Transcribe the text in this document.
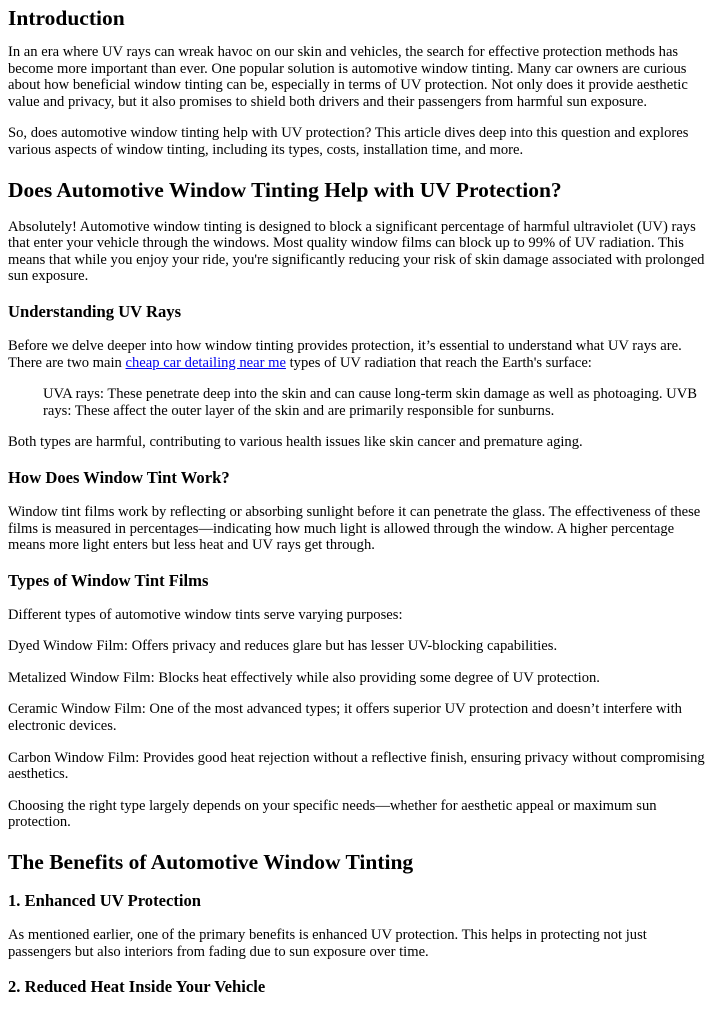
Introduction

In an era where UV rays can wreak havoc on our skin and vehicles, the search for effective protection methods has become more important than ever. One popular solution is automotive window tinting. Many car owners are curious about how beneficial window tinting can be, especially in terms of UV protection. Not only does it provide aesthetic value and privacy, but it also promises to shield both drivers and their passengers from harmful sun exposure.

So, does automotive window tinting help with UV protection? This article dives deep into this question and explores various aspects of window tinting, including its types, costs, installation time, and more.

Does Automotive Window Tinting Help with UV Protection?

Absolutely! Automotive window tinting is designed to block a significant percentage of harmful ultraviolet (UV) rays that enter your vehicle through the windows. Most quality window films can block up to 99% of UV radiation. This means that while you enjoy your ride, you're significantly reducing your risk of skin damage associated with prolonged sun exposure.

Understanding UV Rays

Before we delve deeper into how window tinting provides protection, it’s essential to understand what UV rays are. There are two main cheap car detailing near me types of UV radiation that reach the Earth's surface:

UVA rays: These penetrate deep into the skin and can cause long-term skin damage as well as photoaging. UVB rays: These affect the outer layer of the skin and are primarily responsible for sunburns.

Both types are harmful, contributing to various health issues like skin cancer and premature aging.

How Does Window Tint Work?

Window tint films work by reflecting or absorbing sunlight before it can penetrate the glass. The effectiveness of these films is measured in percentages—indicating how much light is allowed through the window. A higher percentage means more light enters but less heat and UV rays get through.

Types of Window Tint Films

Different types of automotive window tints serve varying purposes:

Dyed Window Film: Offers privacy and reduces glare but has lesser UV-blocking capabilities.

Metalized Window Film: Blocks heat effectively while also providing some degree of UV protection.

Ceramic Window Film: One of the most advanced types; it offers superior UV protection and doesn’t interfere with electronic devices.

Carbon Window Film: Provides good heat rejection without a reflective finish, ensuring privacy without compromising aesthetics.

Choosing the right type largely depends on your specific needs—whether for aesthetic appeal or maximum sun protection.

The Benefits of Automotive Window Tinting
1. Enhanced UV Protection

As mentioned earlier, one of the primary benefits is enhanced UV protection. This helps in protecting not just passengers but also interiors from fading due to sun exposure over time.

2. Reduced Heat Inside Your Vehicle
